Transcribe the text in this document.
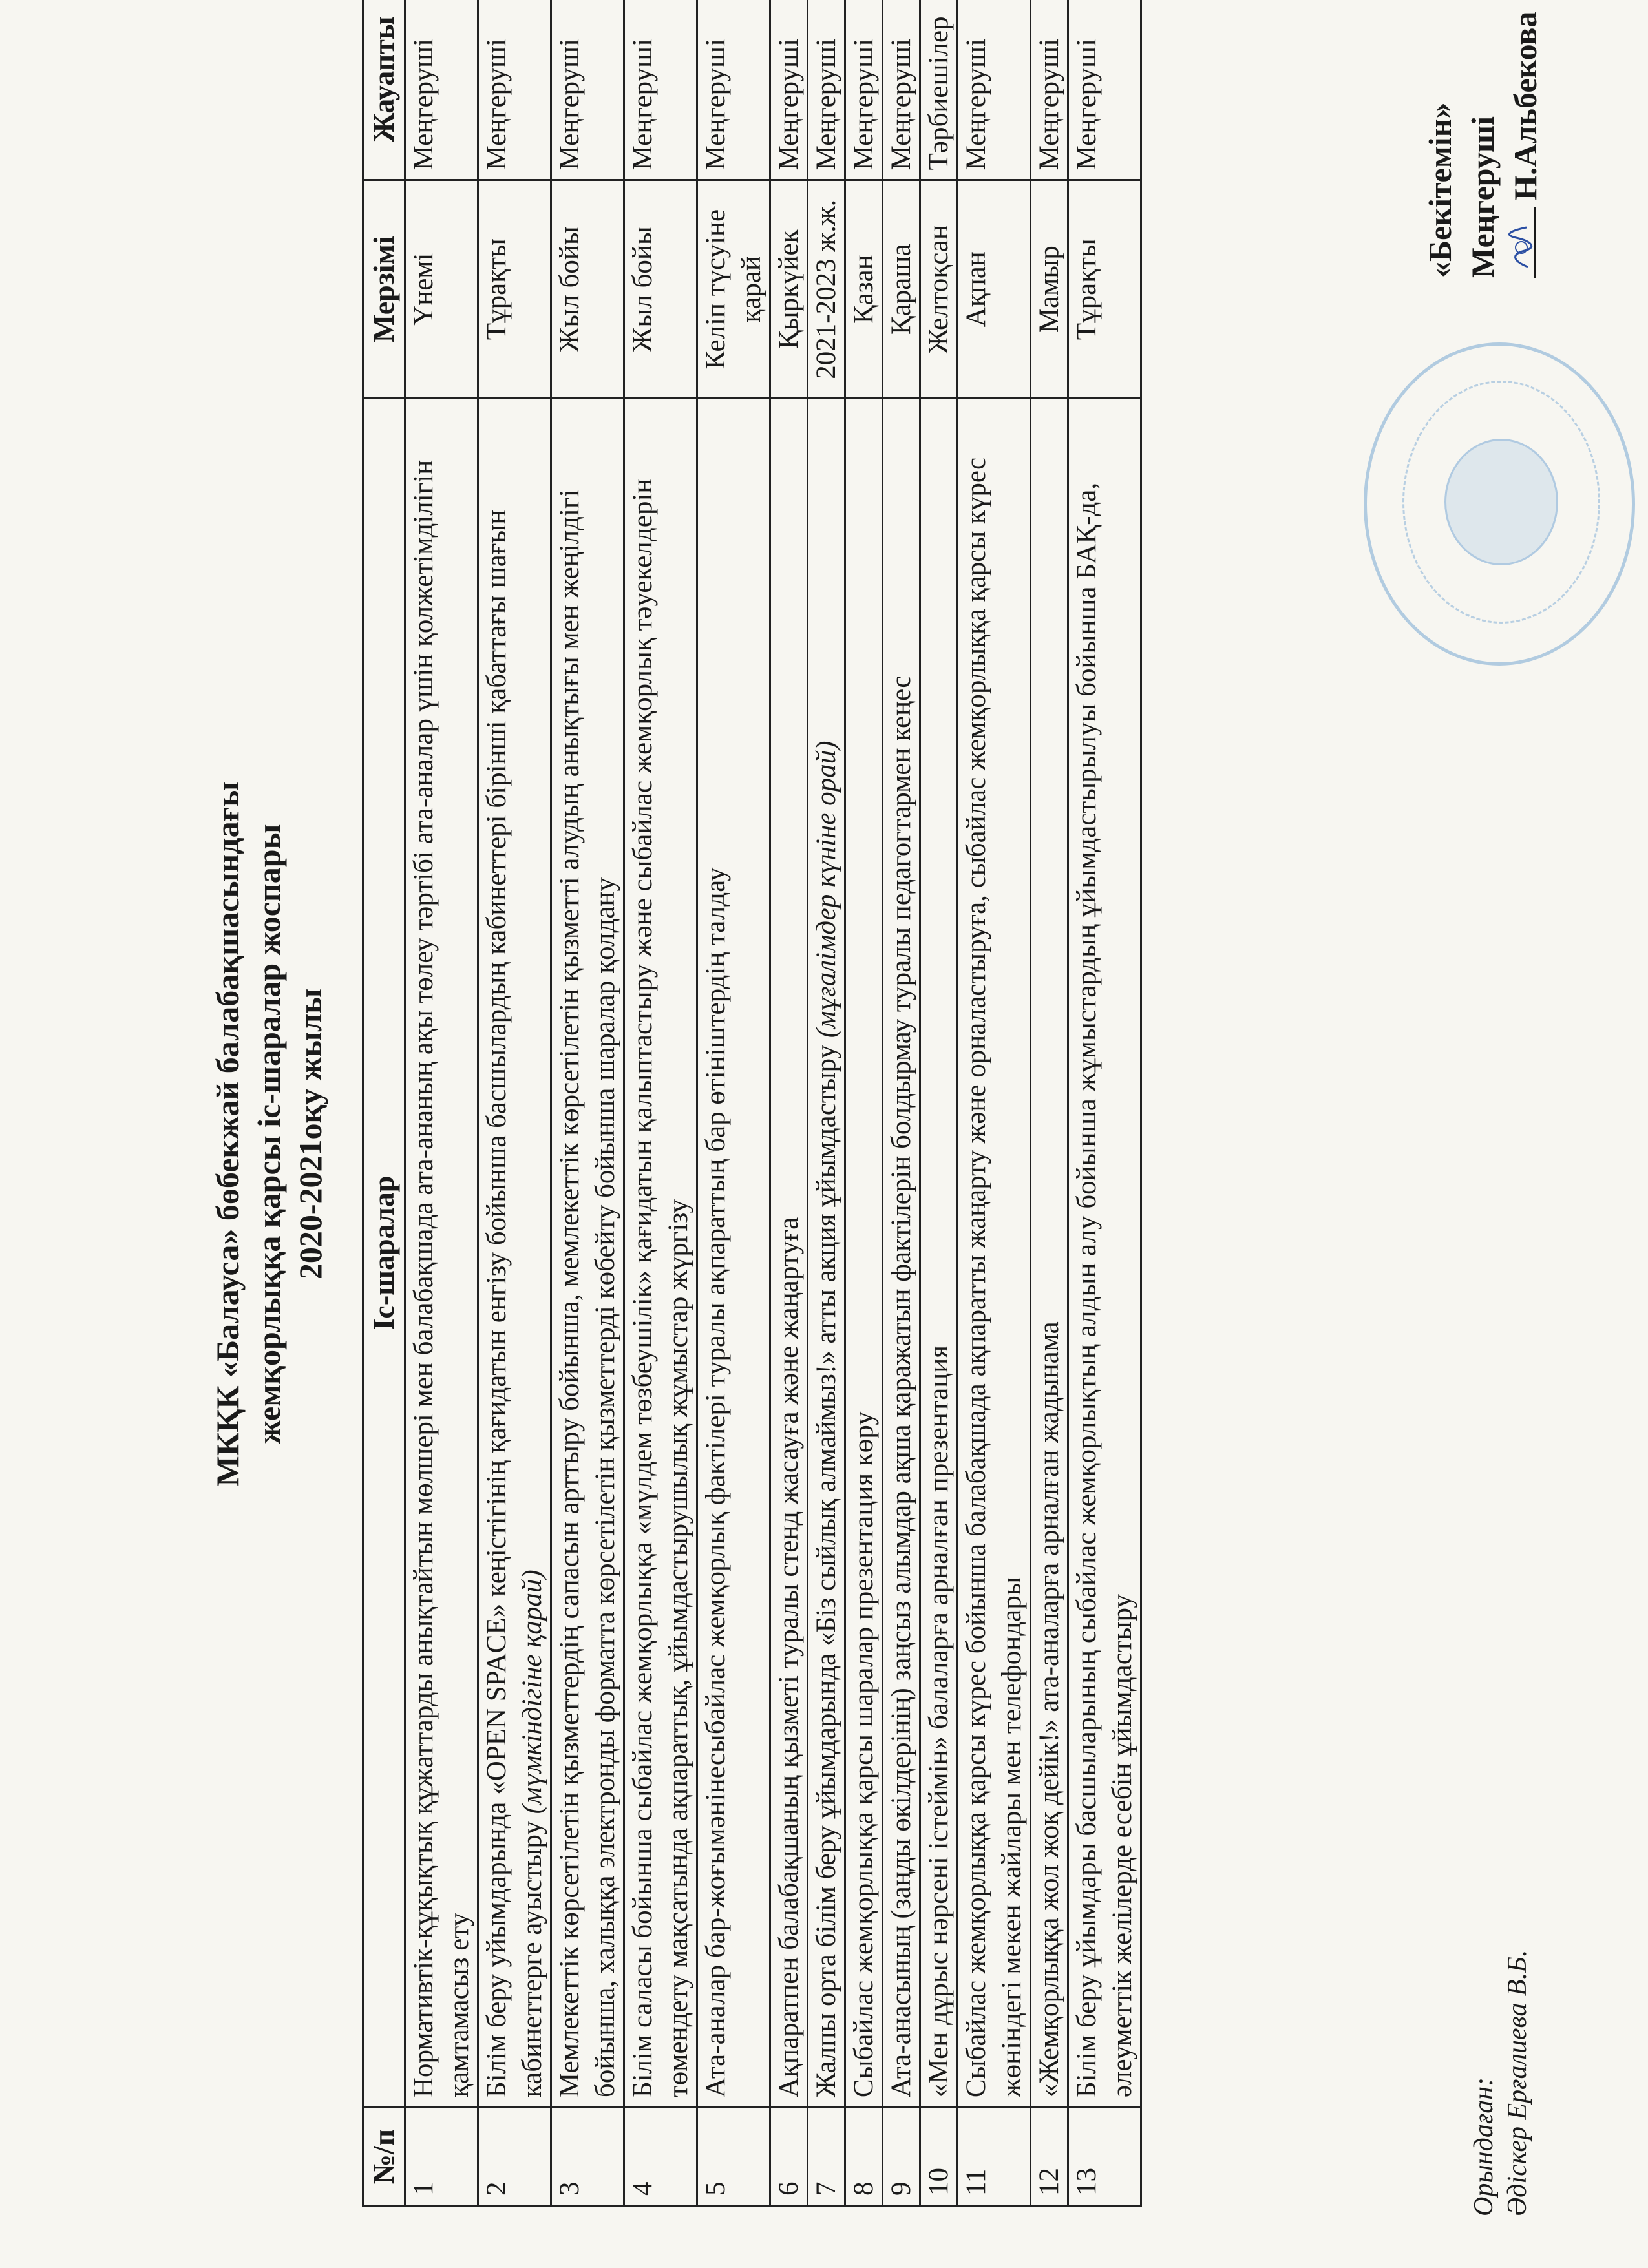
МКҚК «Балауса» бөбекжай балабақшасындағы жемқорлыққа қарсы іс-шаралар жоспары 2020-2021оқу жылы
«Бекітемін» Меңгеруші Н.Альбекова
№/п	Іс-шаралар	Мерзімі	Жауапты
1	Нормативтік-құқықтық құжаттарды анықтайтын мөлшері мен балабақшада ата-ананың ақы төлеу тәртібі ата-аналар үшін қолжетімділігін қамтамасыз ету	Үнемі	Меңгеруші
2	Білім беру уйымдарында «OPEN SPACE» кеңістігінің қағидатын енгізу бойынша басшылардың кабинеттері бірінші қабаттағы шағын кабинеттерге ауыстыру (мүмкіндігіне қарай)	Тұрақты	Меңгеруші
3	Мемлекеттік көрсетілетін қызметтердің сапасын арттыру бойынша, мемлекеттік көрсетілетін қызметті алудың анықтығы мен жеңілдігі бойынша, халыққа электронды форматта көрсетілетін қызметтерді көбейту бойынша шаралар қолдану	Жыл бойы	Меңгеруші
4	Білім саласы бойынша сыбайлас жемқорлыққа «мүлдем төзбеушілік» қағидатын қалыптастыру және сыбайлас жемқорлық тәуекелдерін төмендету мақсатында ақпараттық, ұйымдастырушылық жұмыстар жүргізу	Жыл бойы	Меңгеруші
5	Ата-аналар бар-жоғымәнінесыбайлас жемқорлық фактілері туралы ақпараттың бар өтініштердің талдау	Келіп түсуіне қарай	Меңгеруші
6	Ақпаратпен балабақшаның қызметі туралы стенд жасауға және жаңартуға	Қыркүйек	Меңгеруші
7	Жалпы орта білім беру ұйымдарында «Біз сыйлық алмаймыз!» атты акция ұйымдастыру (мұғалімдер күніне орай)	2021-2023 ж.ж.	Меңгеруші
8	Сыбайлас жемқорлыққа қарсы шаралар презентация көру	Қазан	Меңгеруші
9	Ата-анасының (заңды өкілдерінің) заңсыз алымдар ақша қаражатын фактілерін болдырмау туралы педагогтармен кеңес	Қараша	Меңгеруші
10	«Мен дұрыс нәрсені істеймін» балаларға арналған презентация	Желтоқсан	Тәрбиешілер
11	Сыбайлас жемқорлыққа қарсы күрес бойынша балабақшада ақпаратты жаңарту және орналастыруға, сыбайлас жемқорлыққа қарсы күрес жөніндегі мекен жайлары мен телефондары	Ақпан	Меңгеруші
12	«Жемқорлыққа жол жоқ дейік!» ата-аналарға арналған жадынама	Мамыр	Меңгеруші
13	Білім беру ұйымдары басшыларының сыбайлас жемқорлықтың алдын алу бойынша жұмыстардың ұйымдастырылуы бойынша БАҚ-да, әлеуметтік желілерде есебін ұйымдастыру	Тұрақты	Меңгеруші
Орындаған: Әдіскер Ерғалиева В.Б.
